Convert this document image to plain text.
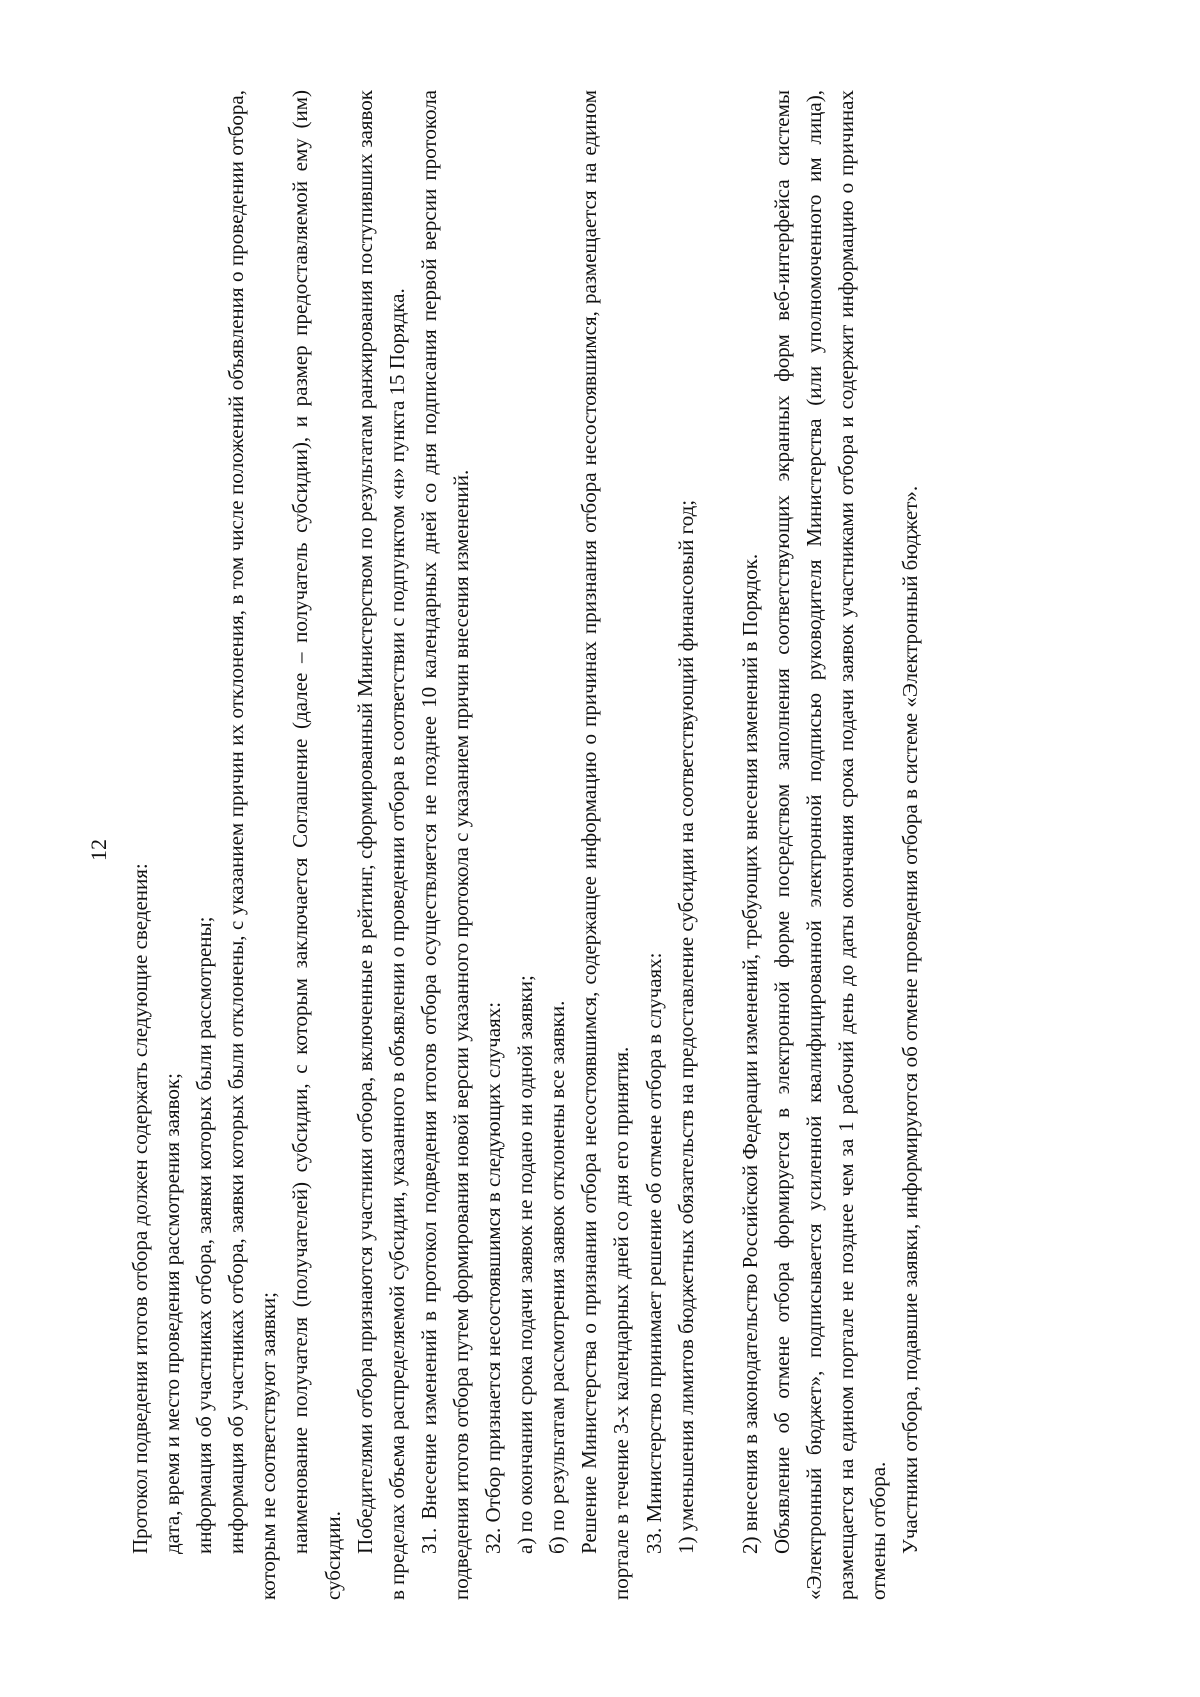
12

Протокол подведения итогов отбора должен содержать следующие сведения: дата, время и место проведения рассмотрения заявок; информация об участниках отбора, заявки которых были рассмотрены; информация об участниках отбора, заявки которых были отклонены, с указанием причин их отклонения, в том числе положений объявления о проведении отбора, которым не соответствуют заявки; наименование получателя (получателей) субсидии, с которым заключается Соглашение (далее – получатель субсидии), и размер предоставляемой ему (им) субсидии.

Победителями отбора признаются участники отбора, включенные в рейтинг, сформированный Министерством по результатам ранжирования поступивших заявок в пределах объема распределяемой субсидии, указанного в объявлении о проведении отбора в соответствии с подпунктом «н» пункта 15 Порядка. 31. Внесение изменений в протокол подведения итогов отбора осуществляется не позднее 10 календарных дней со дня подписания первой версии протокола подведения итогов отбора путем формирования новой версии указанного протокола с указанием причин внесения изменений. 32. Отбор признается несостоявшимся в следующих случаях: а) по окончании срока подачи заявок не подано ни одной заявки; б) по результатам рассмотрения заявок отклонены все заявки. Решение Министерства о признании отбора несостоявшимся, содержащее информацию о причинах признания отбора несостоявшимся, размещается на едином портале в течение 3-х календарных дней со дня его принятия. 33. Министерство принимает решение об отмене отбора в случаях: 1) уменьшения лимитов бюджетных обязательств на предоставление субсидии на соответствующий финансовый год; 2) внесения в законодательство Российской Федерации изменений, требующих внесения изменений в Порядок. Объявление об отмене отбора формируется в электронной форме посредством заполнения соответствующих экранных форм веб-интерфейса системы «Электронный бюджет», подписывается усиленной квалифицированной электронной подписью руководителя Министерства (или уполномоченного им лица), размещается на едином портале не позднее чем за 1 рабочий день до даты окончания срока подачи заявок участниками отбора и содержит информацию о причинах отмены отбора. Участники отбора, подавшие заявки, информируются об отмене проведения отбора в системе «Электронный бюджет».
